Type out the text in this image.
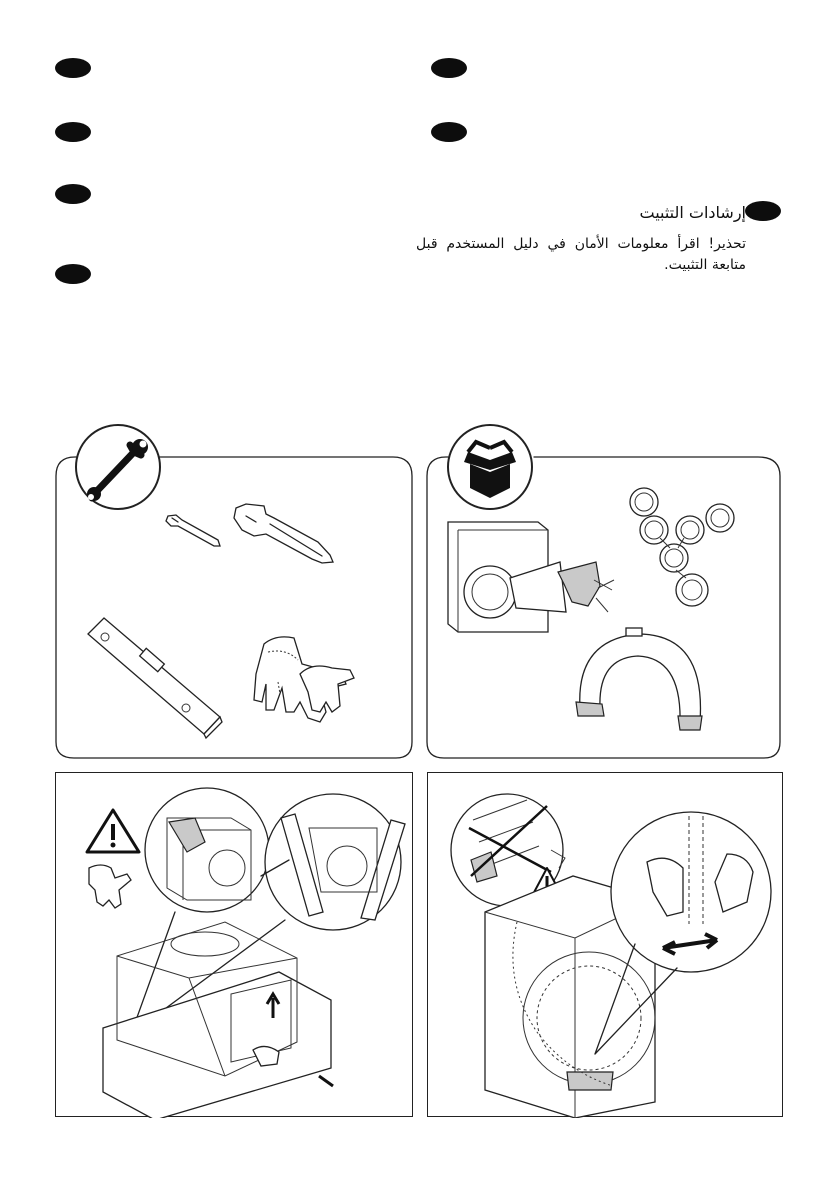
إرشادات التثبيت
تحذير! اقرأ معلومات الأمان في دليل المستخدم قبل متابعة التثبيت.
